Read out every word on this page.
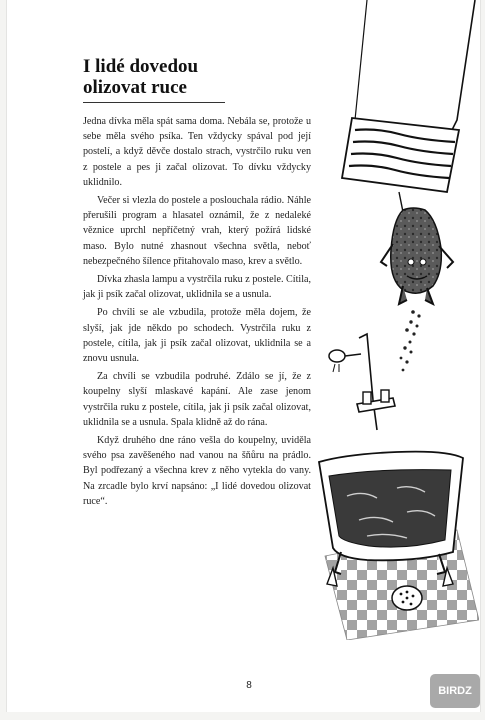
I lidé dovedou
olizovat ruce

Jedna dívka měla spát sama doma. Nebála se, protože u sebe měla svého psíka. Ten vždycky spával pod její postelí, a když děvče dostalo strach, vystrčilo ruku ven z postele a pes ji začal olizovat. To dívku vždycky uklidnilo.

Večer si vlezla do postele a poslouchala rádio. Náhle přerušili program a hlasatel oznámil, že z nedaleké věznice uprchl nepříčetný vrah, který požírá lidské maso. Bylo nutné zhasnout všechna světla, neboť nebezpečného šílence přitahovalo maso, krev a světlo.

Dívka zhasla lampu a vystrčila ruku z postele. Cítila, jak ji psík začal olizovat, uklidnila se a usnula.

Po chvíli se ale vzbudila, protože měla dojem, že slyší, jak jde někdo po schodech. Vystrčila ruku z postele, cítila, jak ji psík začal olizovat, uklidnila se a znovu usnula.

Za chvíli se vzbudila podruhé. Zdálo se jí, že z koupelny slyší mlaskavé kapání. Ale zase jenom vystrčila ruku z postele, cítila, jak ji psík začal olizovat, uklidnila se a usnula. Spala klidně až do rána.

Když druhého dne ráno vešla do koupelny, uviděla svého psa zavěšeného nad vanou na šňůru na prádlo. Byl podřezaný a všechna krev z něho vytekla do vany. Na zrcadle bylo krví napsáno: „I lidé dovedou olizovat ruce“.

8	BIRDZ
